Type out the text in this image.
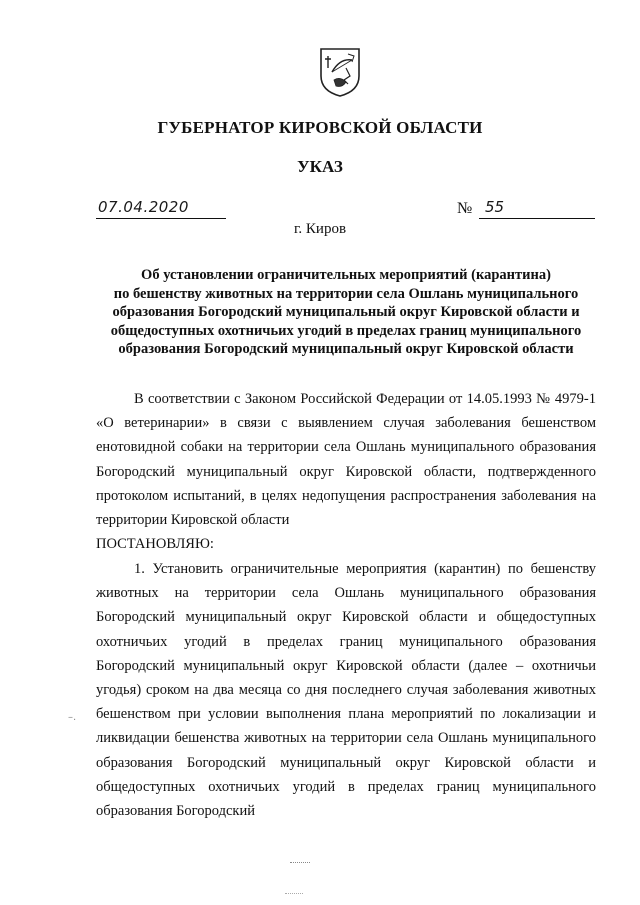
ГУБЕРНАТОР КИРОВСКОЙ ОБЛАСТИ
УКАЗ
07.04.2020	№ 55
г. Киров
Об установлении ограничительных мероприятий (карантина)
по бешенству животных на территории села Ошлань муниципального
образования Богородский муниципальный округ Кировской области и
общедоступных охотничьих угодий в пределах границ муниципального
образования Богородский муниципальный округ Кировской области
В соответствии с Законом Российской Федерации от 14.05.1993 № 4979-1 «О ветеринарии» в связи с выявлением случая заболевания бешенством енотовидной собаки на территории села Ошлань муниципального образования Богородский муниципальный округ Кировской области, подтвержденного протоколом испытаний, в целях недопущения распространения заболевания на территории Кировской области
ПОСТАНОВЛЯЮ:
1. Установить ограничительные мероприятия (карантин) по бешенству животных на территории села Ошлань муниципального образования Богородский муниципальный округ Кировской области и общедоступных охотничьих угодий в пределах границ муниципального образования Богородский муниципальный округ Кировской области (далее – охотничьи угодья) сроком на два месяца со дня последнего случая заболевания животных бешенством при условии выполнения плана мероприятий по локализации и ликвидации бешенства животных на территории села Ошлань муниципального образования Богородский муниципальный округ Кировской области и общедоступных охотничьих угодий в пределах границ муниципального образования Богородский
–.
